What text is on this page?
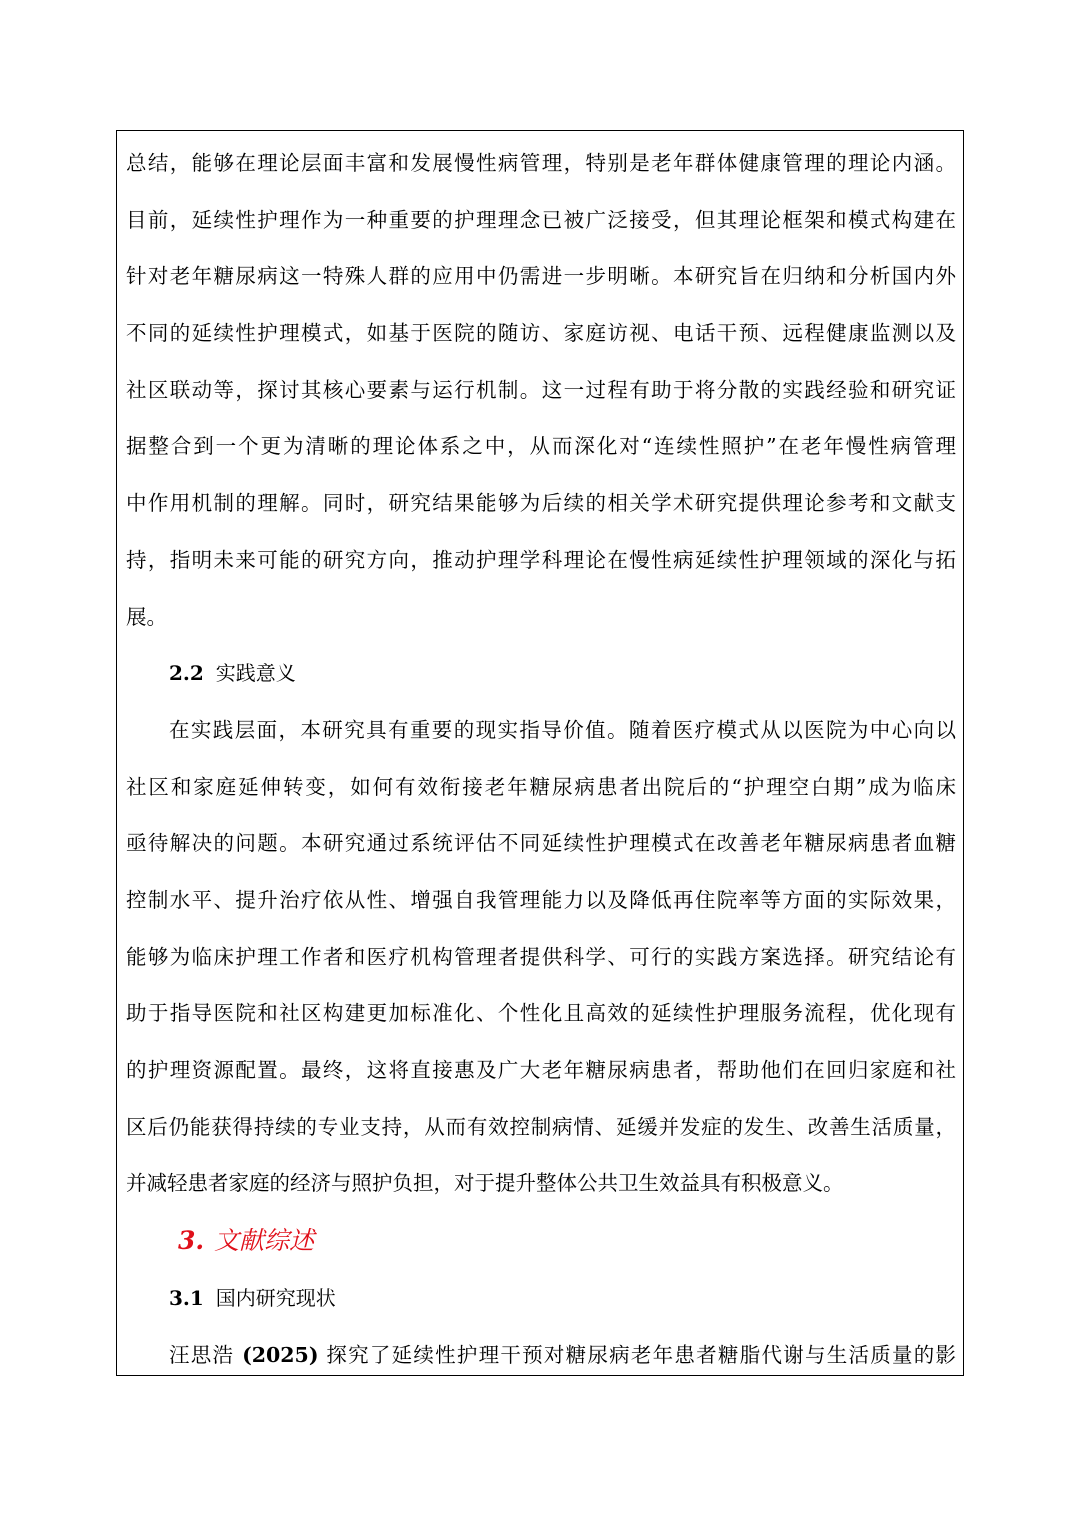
总结，能够在理论层面丰富和发展慢性病管理，特别是老年群体健康管理的理论内涵。
目前，延续性护理作为一种重要的护理理念已被广泛接受，但其理论框架和模式构建在
针对老年糖尿病这一特殊人群的应用中仍需进一步明晰。本研究旨在归纳和分析国内外
不同的延续性护理模式，如基于医院的随访、家庭访视、电话干预、远程健康监测以及
社区联动等，探讨其核心要素与运行机制。这一过程有助于将分散的实践经验和研究证
据整合到一个更为清晰的理论体系之中，从而深化对“连续性照护”在老年慢性病管理
中作用机制的理解。同时，研究结果能够为后续的相关学术研究提供理论参考和文献支
持，指明未来可能的研究方向，推动护理学科理论在慢性病延续性护理领域的深化与拓
展。
2.2 实践意义
在实践层面，本研究具有重要的现实指导价值。随着医疗模式从以医院为中心向以
社区和家庭延伸转变，如何有效衔接老年糖尿病患者出院后的“护理空白期”成为临床
亟待解决的问题。本研究通过系统评估不同延续性护理模式在改善老年糖尿病患者血糖
控制水平、提升治疗依从性、增强自我管理能力以及降低再住院率等方面的实际效果，
能够为临床护理工作者和医疗机构管理者提供科学、可行的实践方案选择。研究结论有
助于指导医院和社区构建更加标准化、个性化且高效的延续性护理服务流程，优化现有
的护理资源配置。最终，这将直接惠及广大老年糖尿病患者，帮助他们在回归家庭和社
区后仍能获得持续的专业支持，从而有效控制病情、延缓并发症的发生、改善生活质量，
并减轻患者家庭的经济与照护负担，对于提升整体公共卫生效益具有积极意义。
3. 文献综述
3.1 国内研究现状
汪思浩 (2025) 探究了延续性护理干预对糖尿病老年患者糖脂代谢与生活质量的影
